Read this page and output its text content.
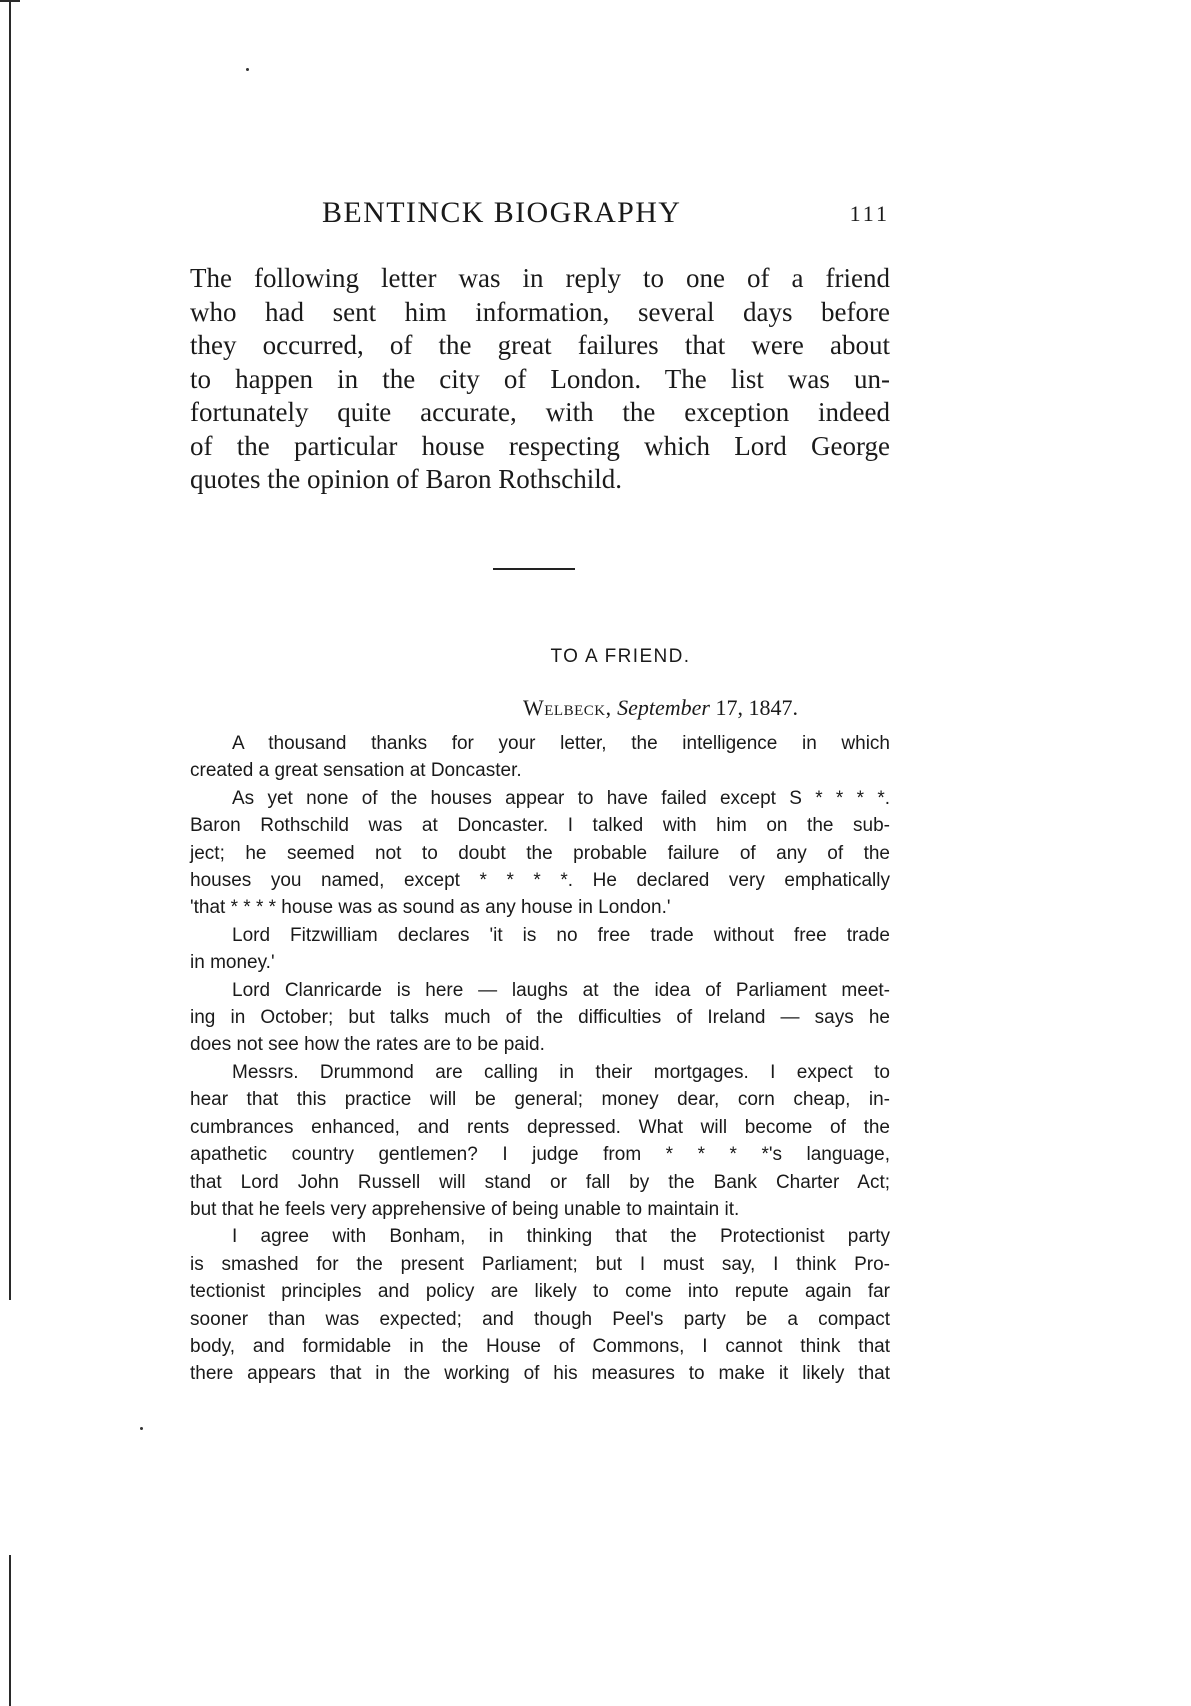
BENTINCK BIOGRAPHY	111
The following letter was in reply to one of a friend
who had sent him information, several days before
they occurred, of the great failures that were about
to happen in the city of London. The list was un-
fortunately quite accurate, with the exception indeed
of the particular house respecting which Lord George
quotes the opinion of Baron Rothschild.
TO A FRIEND.
Welbeck, September 17, 1847.
A thousand thanks for your letter, the intelligence in which
created a great sensation at Doncaster.
As yet none of the houses appear to have failed except S * * * *.
Baron Rothschild was at Doncaster. I talked with him on the sub-
ject; he seemed not to doubt the probable failure of any of the
houses you named, except * * * *. He declared very emphatically
'that * * * * house was as sound as any house in London.'
Lord Fitzwilliam declares 'it is no free trade without free trade
in money.'
Lord Clanricarde is here — laughs at the idea of Parliament meet-
ing in October; but talks much of the difficulties of Ireland — says he
does not see how the rates are to be paid.
Messrs. Drummond are calling in their mortgages. I expect to
hear that this practice will be general; money dear, corn cheap, in-
cumbrances enhanced, and rents depressed. What will become of the
apathetic country gentlemen? I judge from * * * *'s language,
that Lord John Russell will stand or fall by the Bank Charter Act;
but that he feels very apprehensive of being unable to maintain it.
I agree with Bonham, in thinking that the Protectionist party
is smashed for the present Parliament; but I must say, I think Pro-
tectionist principles and policy are likely to come into repute again far
sooner than was expected; and though Peel's party be a compact
body, and formidable in the House of Commons, I cannot think that
there appears that in the working of his measures to make it likely that
